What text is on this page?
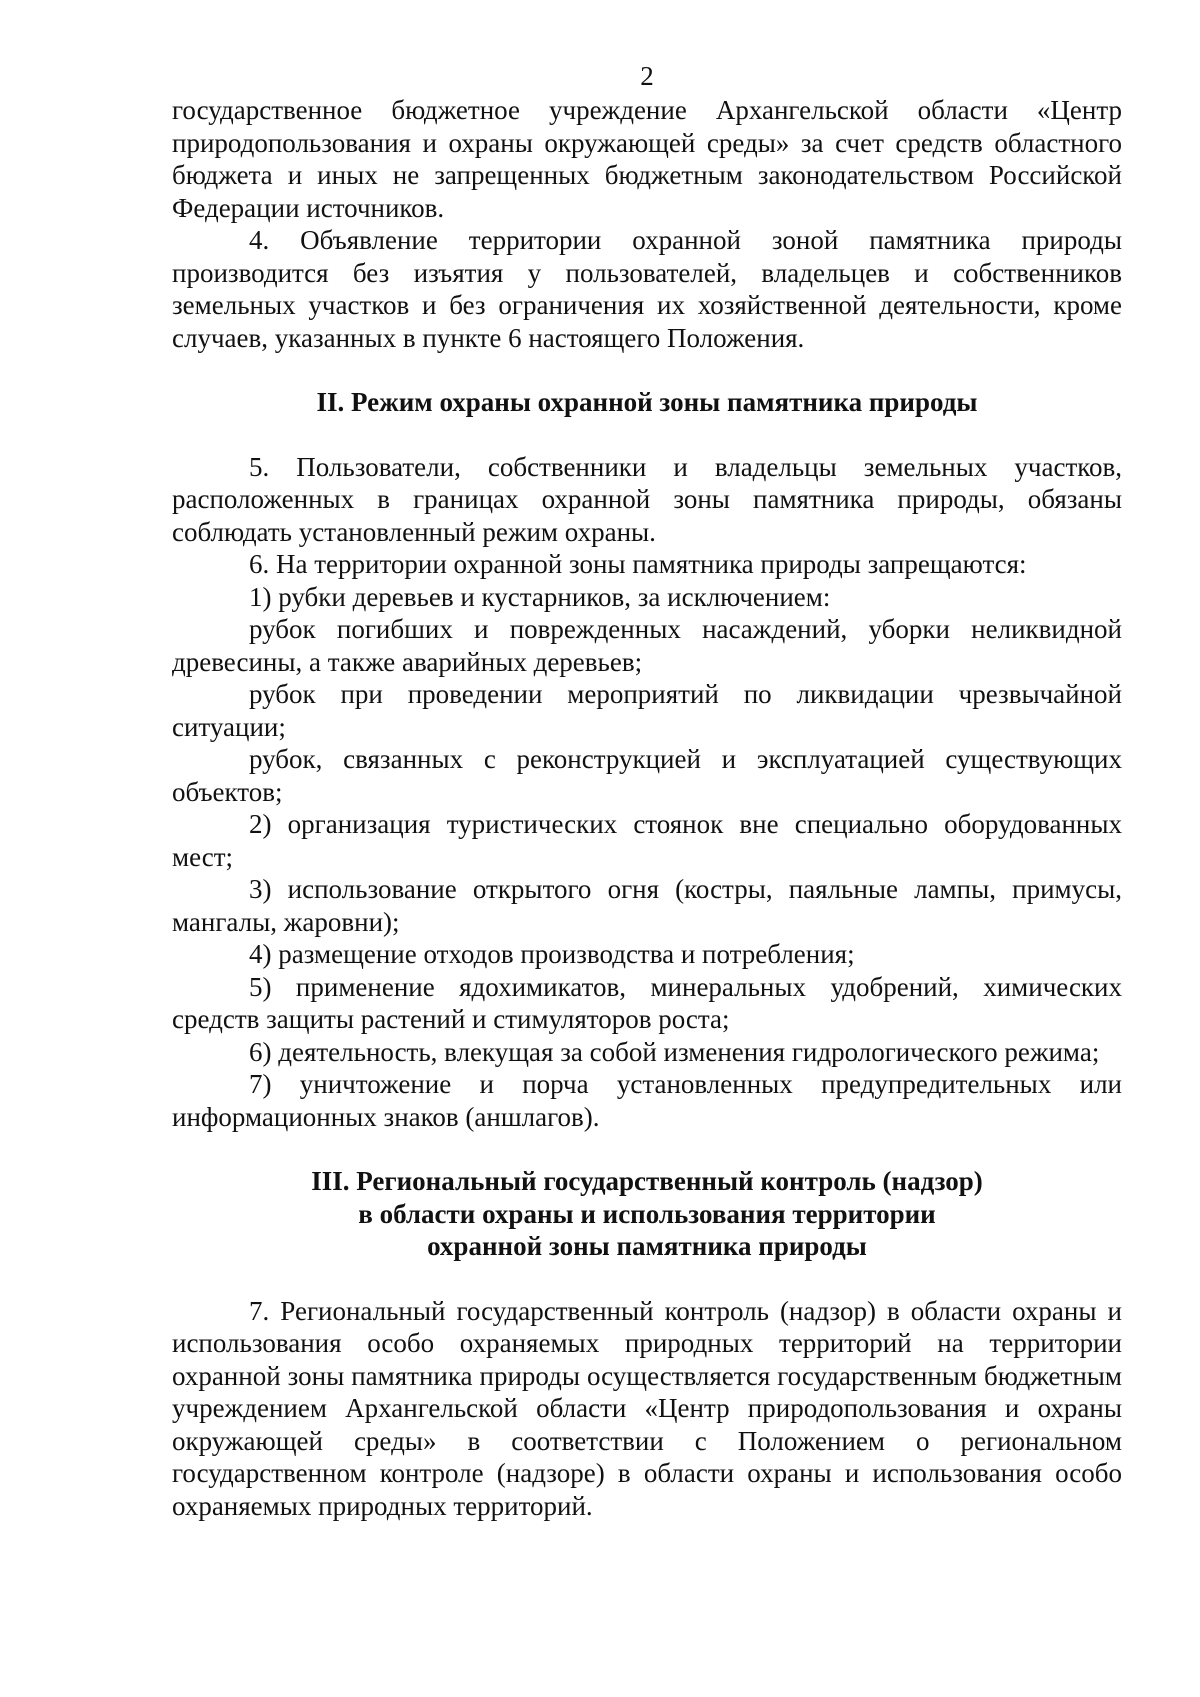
2

государственное бюджетное учреждение Архангельской области «Центр природопользования и охраны окружающей среды» за счет средств областного бюджета и иных не запрещенных бюджетным законодательством Российской Федерации источников.

4. Объявление территории охранной зоной памятника природы производится без изъятия у пользователей, владельцев и собственников земельных участков и без ограничения их хозяйственной деятельности, кроме случаев, указанных в пункте 6 настоящего Положения.

II. Режим охраны охранной зоны памятника природы

5. Пользователи, собственники и владельцы земельных участков, расположенных в границах охранной зоны памятника природы, обязаны соблюдать установленный режим охраны.

6. На территории охранной зоны памятника природы запрещаются:

1) рубки деревьев и кустарников, за исключением:

рубок погибших и поврежденных насаждений, уборки неликвидной древесины, а также аварийных деревьев;

рубок при проведении мероприятий по ликвидации чрезвычайной ситуации;

рубок, связанных с реконструкцией и эксплуатацией существующих объектов;

2) организация туристических стоянок вне специально оборудованных мест;

3) использование открытого огня (костры, паяльные лампы, примусы, мангалы, жаровни);

4) размещение отходов производства и потребления;

5) применение ядохимикатов, минеральных удобрений, химических средств защиты растений и стимуляторов роста;

6) деятельность, влекущая за собой изменения гидрологического режима;

7) уничтожение и порча установленных предупредительных или информационных знаков (аншлагов).

III. Региональный государственный контроль (надзор)
в области охраны и использования территории
охранной зоны памятника природы

7. Региональный государственный контроль (надзор) в области охраны и использования особо охраняемых природных территорий на территории охранной зоны памятника природы осуществляется государственным бюджетным учреждением Архангельской области «Центр природопользования и охраны окружающей среды» в соответствии с Положением о региональном государственном контроле (надзоре) в области охраны и использования особо охраняемых природных территорий.
